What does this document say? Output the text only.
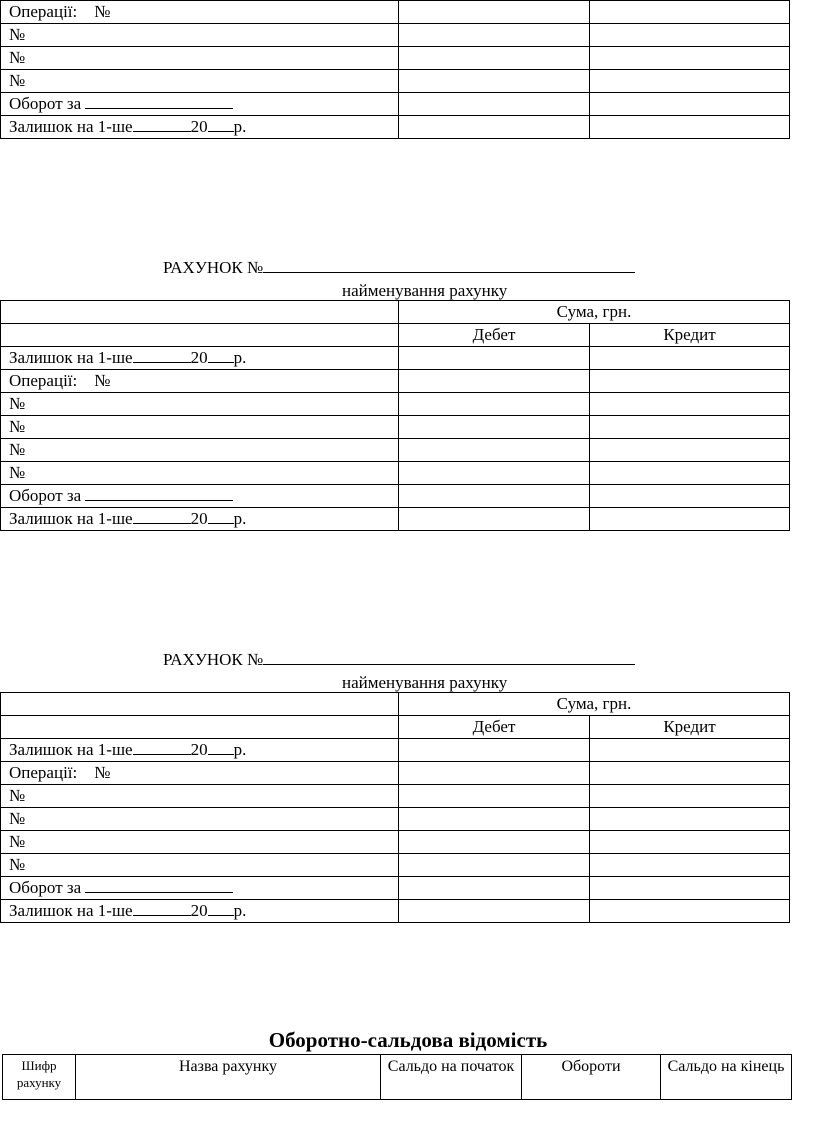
Операції: №		
№		
№		
№		
Оборот за		
Залишок на 1-ше 20 р.		
РАХУНОК №
найменування рахунку
	Сума, грн.	
	Дебет	Кредит
Залишок на 1-ше 20 р.		
Операції: №		
№		
№		
№		
№		
Оборот за		
Залишок на 1-ше 20 р.		
РАХУНОК №
найменування рахунку
	Сума, грн.	
	Дебет	Кредит
Залишок на 1-ше 20 р.		
Операції: №		
№		
№		
№		
№		
Оборот за		
Залишок на 1-ше 20 р.		
Оборотно-сальдова відомість
Шифр рахунку	Назва рахунку	Сальдо на початок	Обороти	Сальдо на кінець
